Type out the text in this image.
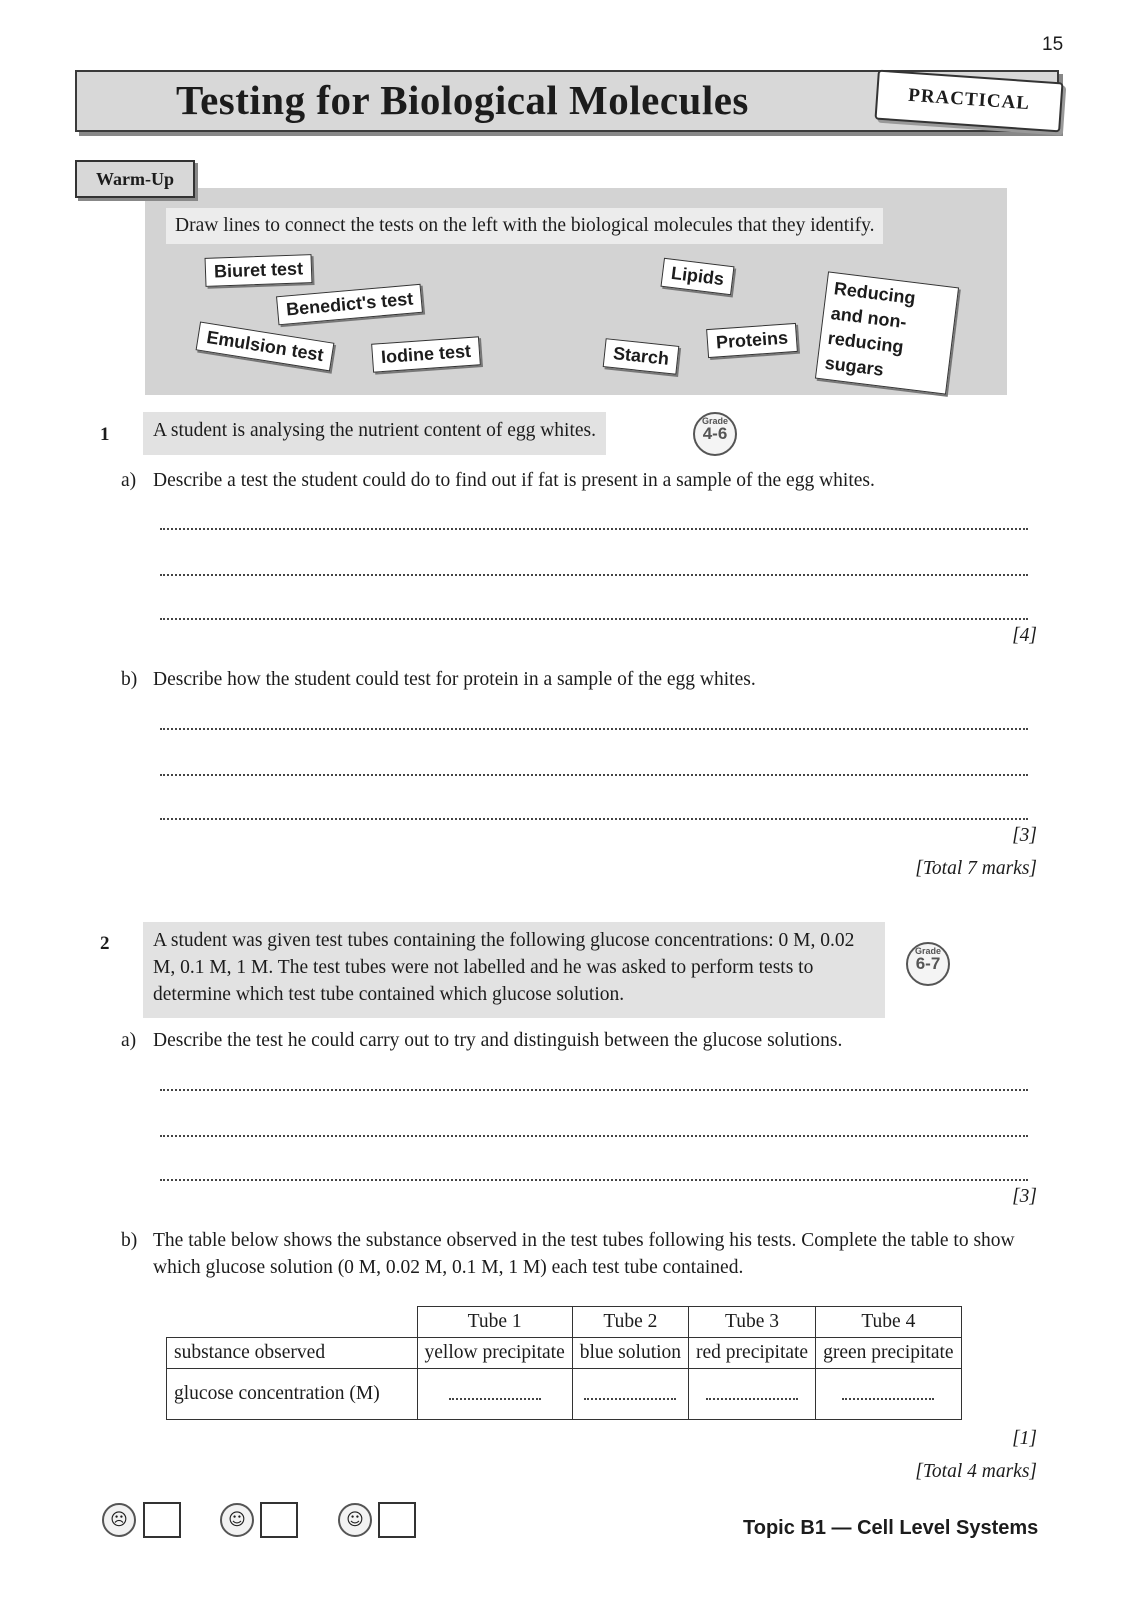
15
Testing for Biological Molecules	PRACTICAL
Warm-Up
Draw lines to connect the tests on the left with the biological molecules that they identify.
Biuret test
Benedict's test
Emulsion test	Iodine test
Lipids
Reducing and non-reducing sugars
Starch
Proteins
1	A student is analysing the nutrient content of egg whites.	Grade
4-6
a) Describe a test the student could do to find out if fat is present in a sample of the egg whites.
[4]
b) Describe how the student could test for protein in a sample of the egg whites.
[3]
[Total 7 marks]
2	A student was given test tubes containing the following glucose concentrations: 0 M, 0.02 M, 0.1 M, 1 M. The test tubes were not labelled and he was asked to perform tests to determine which test tube contained which glucose solution.
Grade
6-7
a) Describe the test he could carry out to try and distinguish between the glucose solutions.
[3]
b) The table below shows the substance observed in the test tubes following his tests. Complete the table to show which glucose solution (0 M, 0.02 M, 0.1 M, 1 M) each test tube contained.
	Tube 1	Tube 2	Tube 3	Tube 4
substance observed	yellow precipitate	blue solution	red precipitate	green precipitate
glucose concentration (M)				
[1]
[Total 4 marks]
☹	☺	☺	Topic B1 — Cell Level Systems
